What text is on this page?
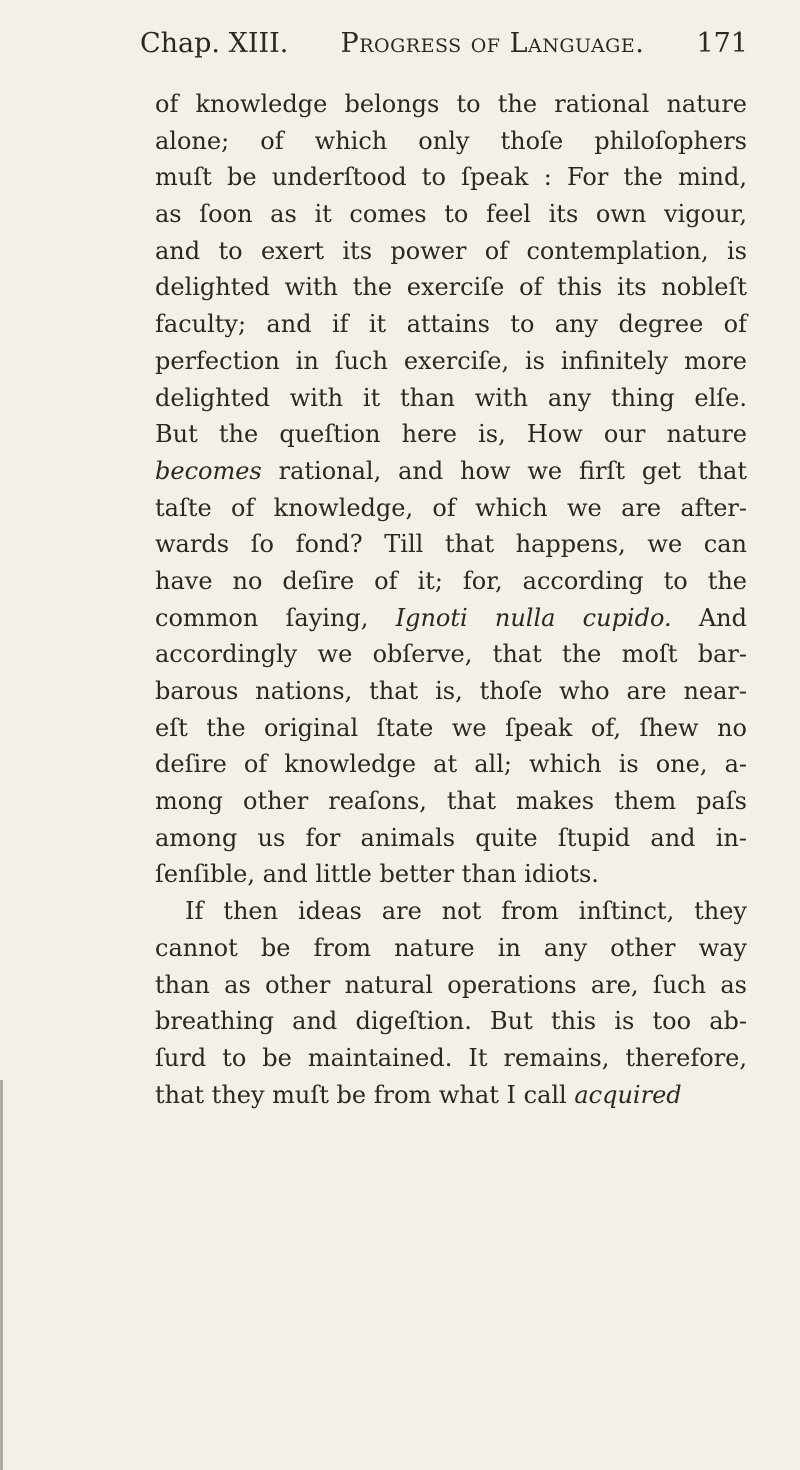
Chap. XIII. Progress of Language. 171
of knowledge belongs to the rational nature
alone; of which only thoſe philoſophers
muſt be underſtood to ſpeak : For the mind,
as ſoon as it comes to feel its own vigour,
and to exert its power of contemplation, is
delighted with the exerciſe of this its nobleſt
faculty; and if it attains to any degree of
perfection in ſuch exerciſe, is infinitely more
delighted with it than with any thing elſe.
But the queſtion here is, How our nature
becomes rational, and how we firſt get that
taſte of knowledge, of which we are after-
wards ſo fond? Till that happens, we can
have no deſire of it; for, according to the
common ſaying, Ignoti nulla cupido. And
accordingly we obſerve, that the moſt bar-
barous nations, that is, thoſe who are near-
eſt the original ſtate we ſpeak of, ſhew no
deſire of knowledge at all; which is one, a-
mong other reaſons, that makes them paſs
among us for animals quite ſtupid and in-
ſenſible, and little better than idiots.
If then ideas are not from inſtinct, they
cannot be from nature in any other way
than as other natural operations are, ſuch as
breathing and digeſtion. But this is too ab-
ſurd to be maintained. It remains, therefore,
that they muſt be from what I call acquired
